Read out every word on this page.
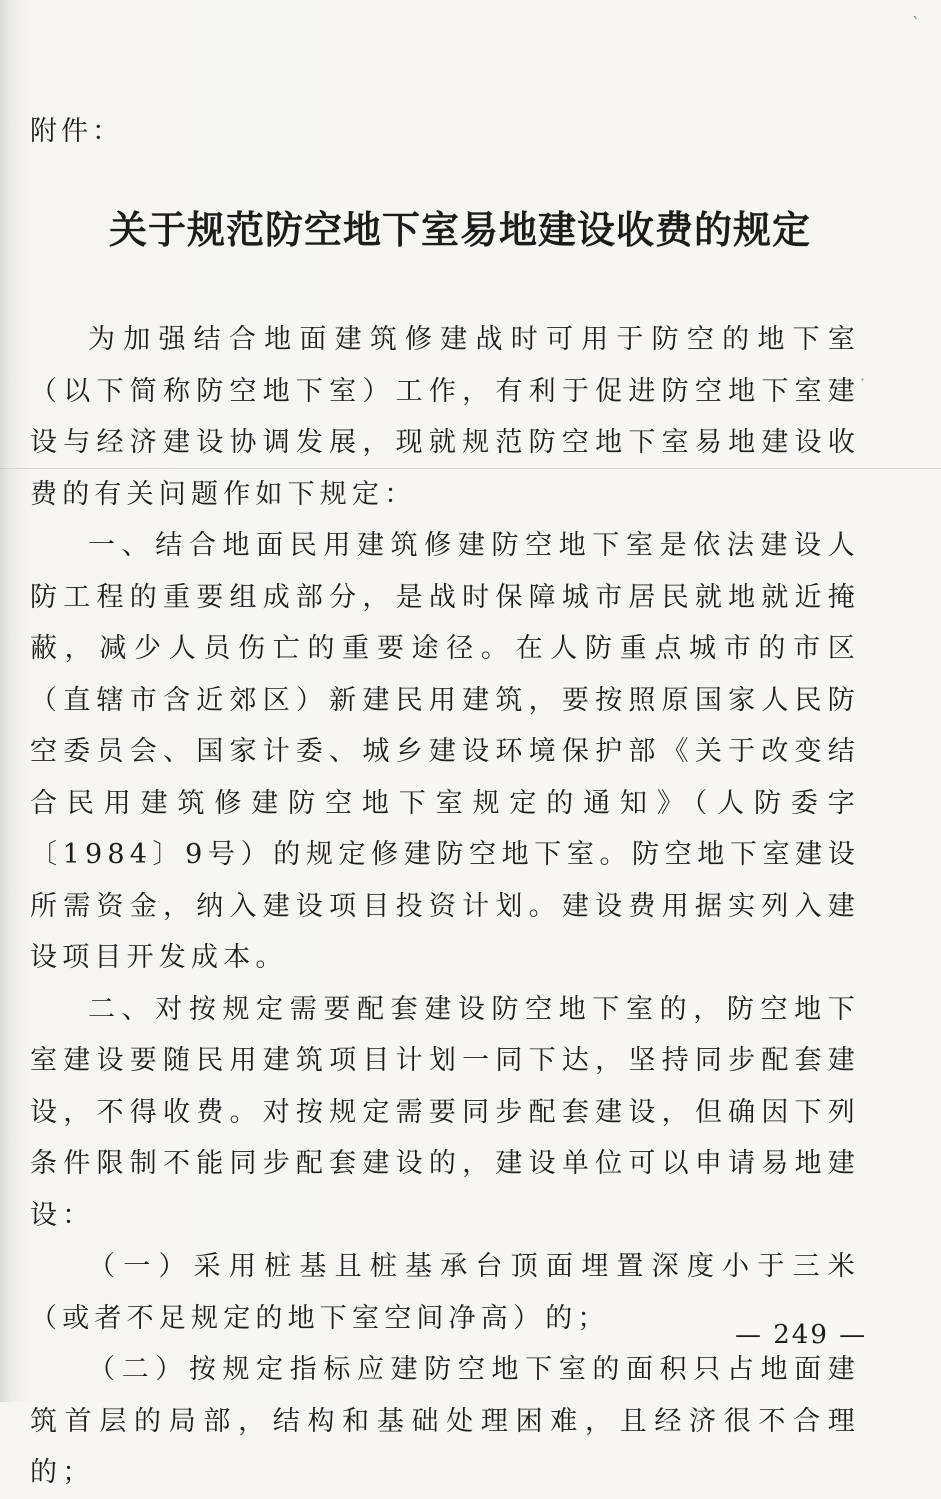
ˋ
·
附件：
关于规范防空地下室易地建设收费的规定

为加强结合地面建筑修建战时可用于防空的地下室（以下简称防空地下室）工作，有利于促进防空地下室建设与经济建设协调发展，现就规范防空地下室易地建设收费的有关问题作如下规定：

一、结合地面民用建筑修建防空地下室是依法建设人防工程的重要组成部分，是战时保障城市居民就地就近掩蔽，减少人员伤亡的重要途径。在人防重点城市的市区（直辖市含近郊区）新建民用建筑，要按照原国家人民防空委员会、国家计委、城乡建设环境保护部《关于改变结合民用建筑修建防空地下室规定的通知》（人防委字〔1984〕9号）的规定修建防空地下室。防空地下室建设所需资金，纳入建设项目投资计划。建设费用据实列入建设项目开发成本。

二、对按规定需要配套建设防空地下室的，防空地下室建设要随民用建筑项目计划一同下达，坚持同步配套建设，不得收费。对按规定需要同步配套建设，但确因下列条件限制不能同步配套建设的，建设单位可以申请易地建设：

（一）采用桩基且桩基承台顶面埋置深度小于三米（或者不足规定的地下室空间净高）的；

（二）按规定指标应建防空地下室的面积只占地面建筑首层的局部，结构和基础处理困难，且经济很不合理的；

— 249 —
